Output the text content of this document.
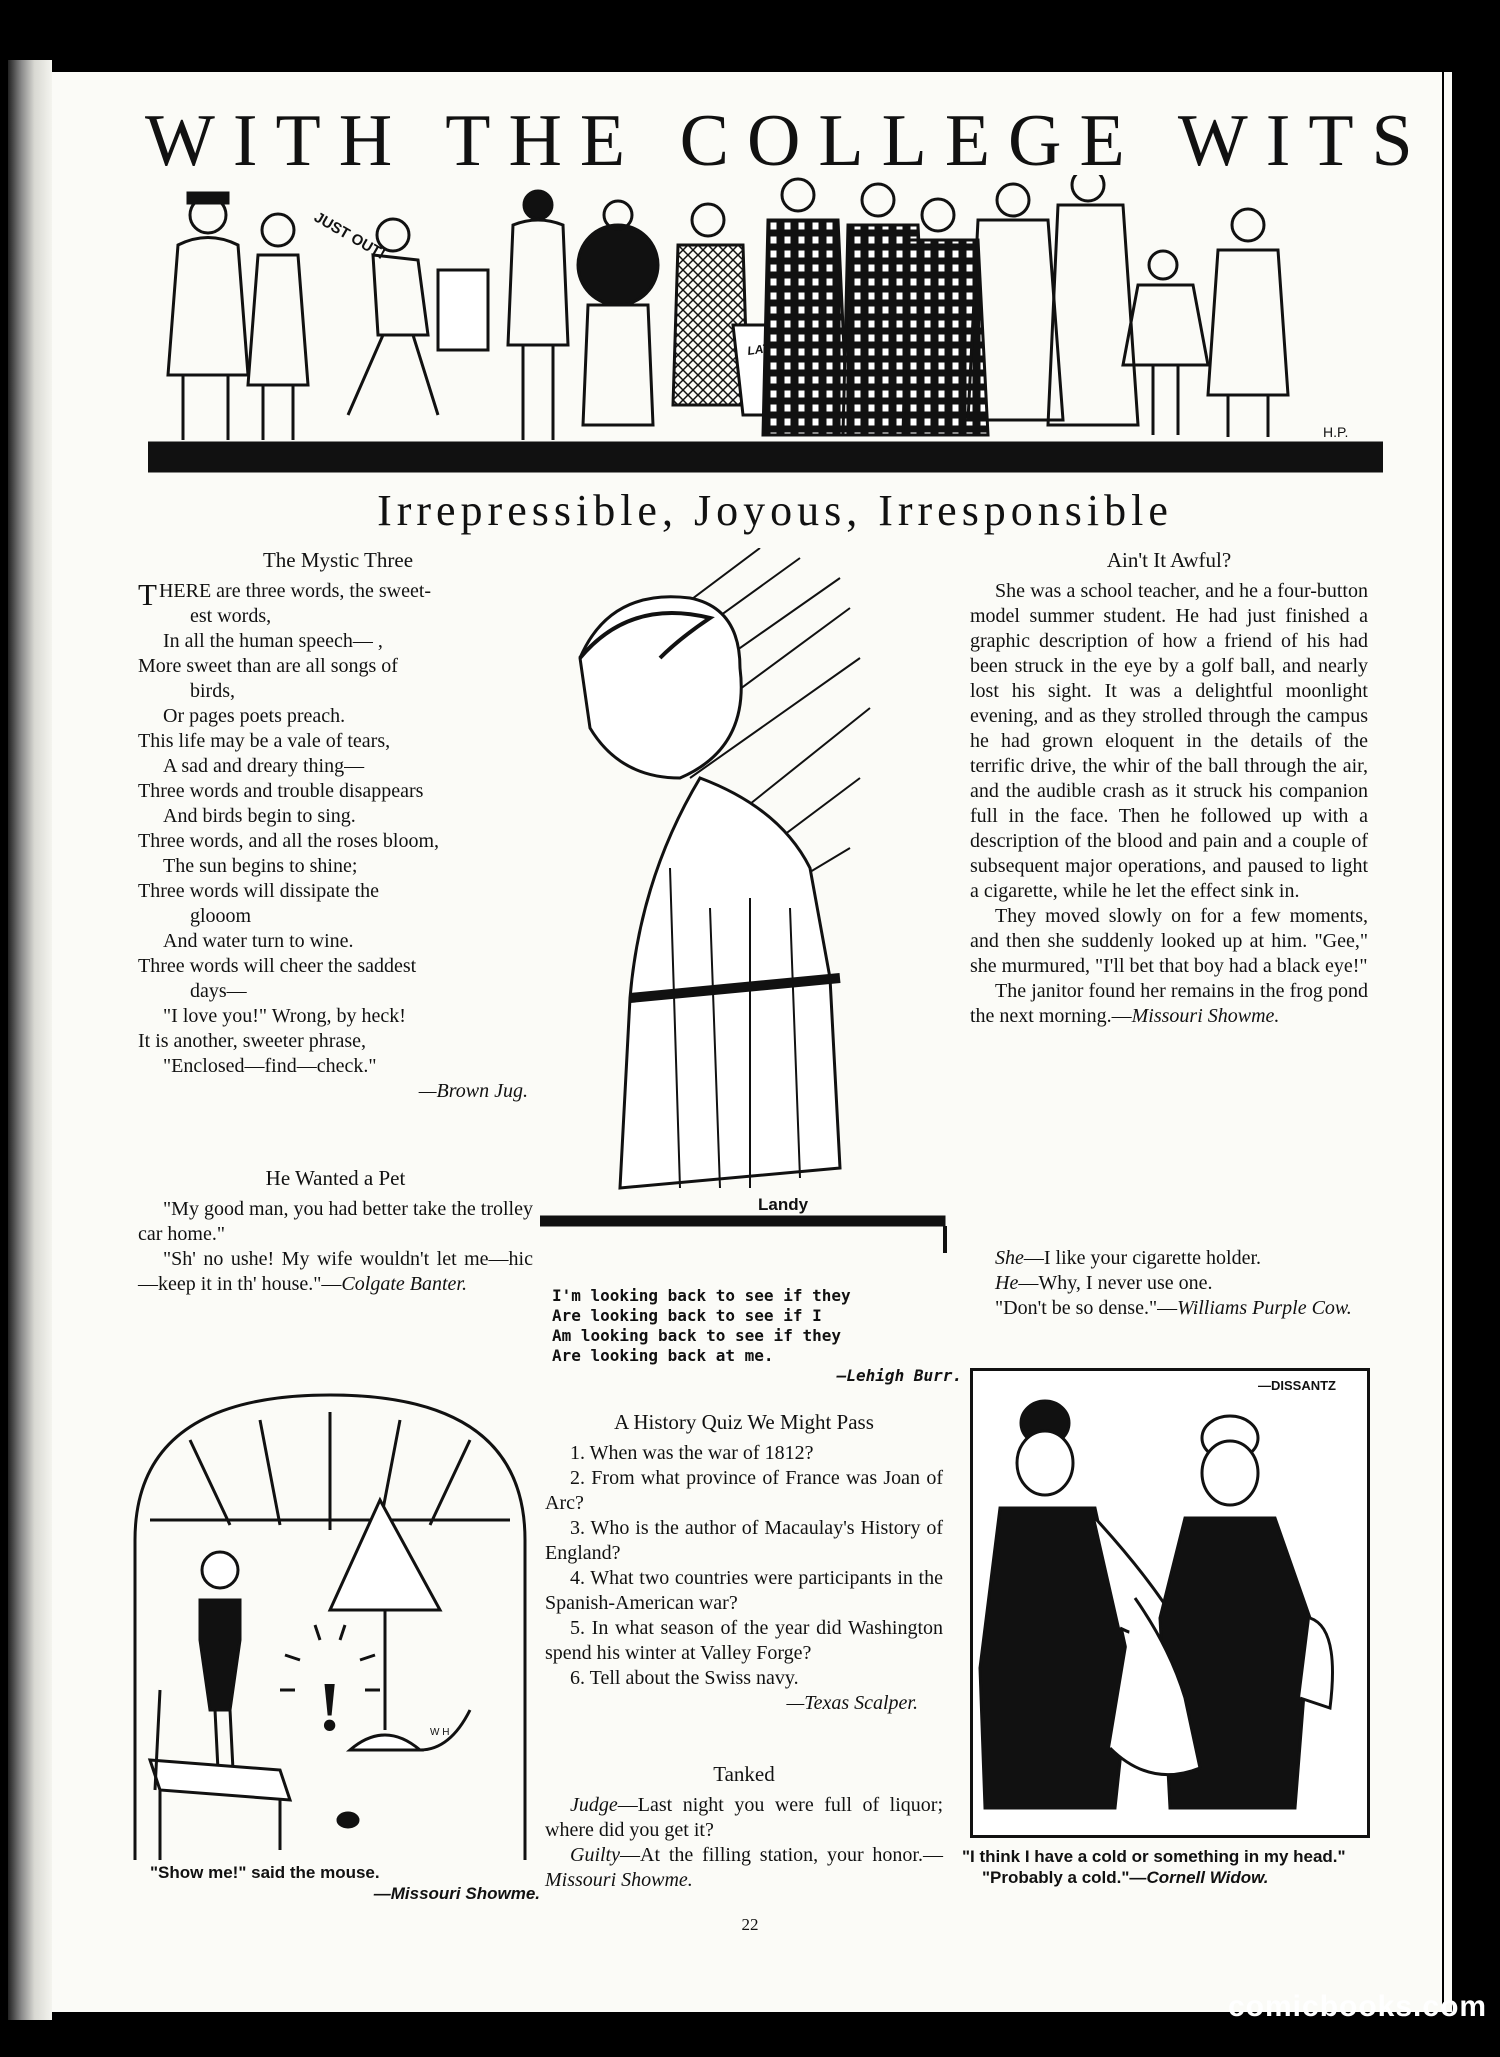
WITH THE COLLEGE WITS
JUST OUT!
H.P.
Irrepressible, Joyous, Irresponsible
The Mystic Three

THERE are three words, the sweet-

est words,

In all the human speech— ,

More sweet than are all songs of

birds,

Or pages poets preach.

This life may be a vale of tears,

A sad and dreary thing—

Three words and trouble disappears

And birds begin to sing.

Three words, and all the roses bloom,

The sun begins to shine;

Three words will dissipate the

glooom

And water turn to wine.

Three words will cheer the saddest

days—

"I love you!" Wrong, by heck!

It is another, sweeter phrase,

"Enclosed—find—check."

—Brown Jug.

He Wanted a Pet

"My good man, you had better take the trolley car home."

"Sh' no ushe! My wife wouldn't let me—hic—keep it in th' house."—Colgate Banter.

Landy

I'm looking back to see if they

Are looking back to see if I

Am looking back to see if they

Are looking back at me.

—Lehigh Burr.

!	W H

"Show me!" said the mouse.

—Missouri Showme.

A History Quiz We Might Pass

1. When was the war of 1812?

2. From what province of France was Joan of Arc?

3. Who is the author of Macaulay's History of England?

4. What two countries were participants in the Spanish-American war?

5. In what season of the year did Washington spend his winter at Valley Forge?

6. Tell about the Swiss navy.

—Texas Scalper.

Tanked

Judge—Last night you were full of liquor; where did you get it?

Guilty—At the filling station, your honor.—Missouri Showme.

Ain't It Awful?

She was a school teacher, and he a four-button model summer student. He had just finished a graphic description of how a friend of his had been struck in the eye by a golf ball, and nearly lost his sight. It was a delightful moonlight evening, and as they strolled through the campus he had grown eloquent in the details of the terrific drive, the whir of the ball through the air, and the audible crash as it struck his companion full in the face. Then he followed up with a description of the blood and pain and a couple of subsequent major operations, and paused to light a cigarette, while he let the effect sink in.

They moved slowly on for a few moments, and then she suddenly looked up at him. "Gee," she murmured, "I'll bet that boy had a black eye!"

The janitor found her remains in the frog pond the next morning.—Missouri Showme.

She—I like your cigarette holder.

He—Why, I never use one.

"Don't be so dense."—Williams Purple Cow.

—DISSANTZ

"I think I have a cold or something in my head."

"Probably a cold."—Cornell Widow.

22
comicbooks.com
